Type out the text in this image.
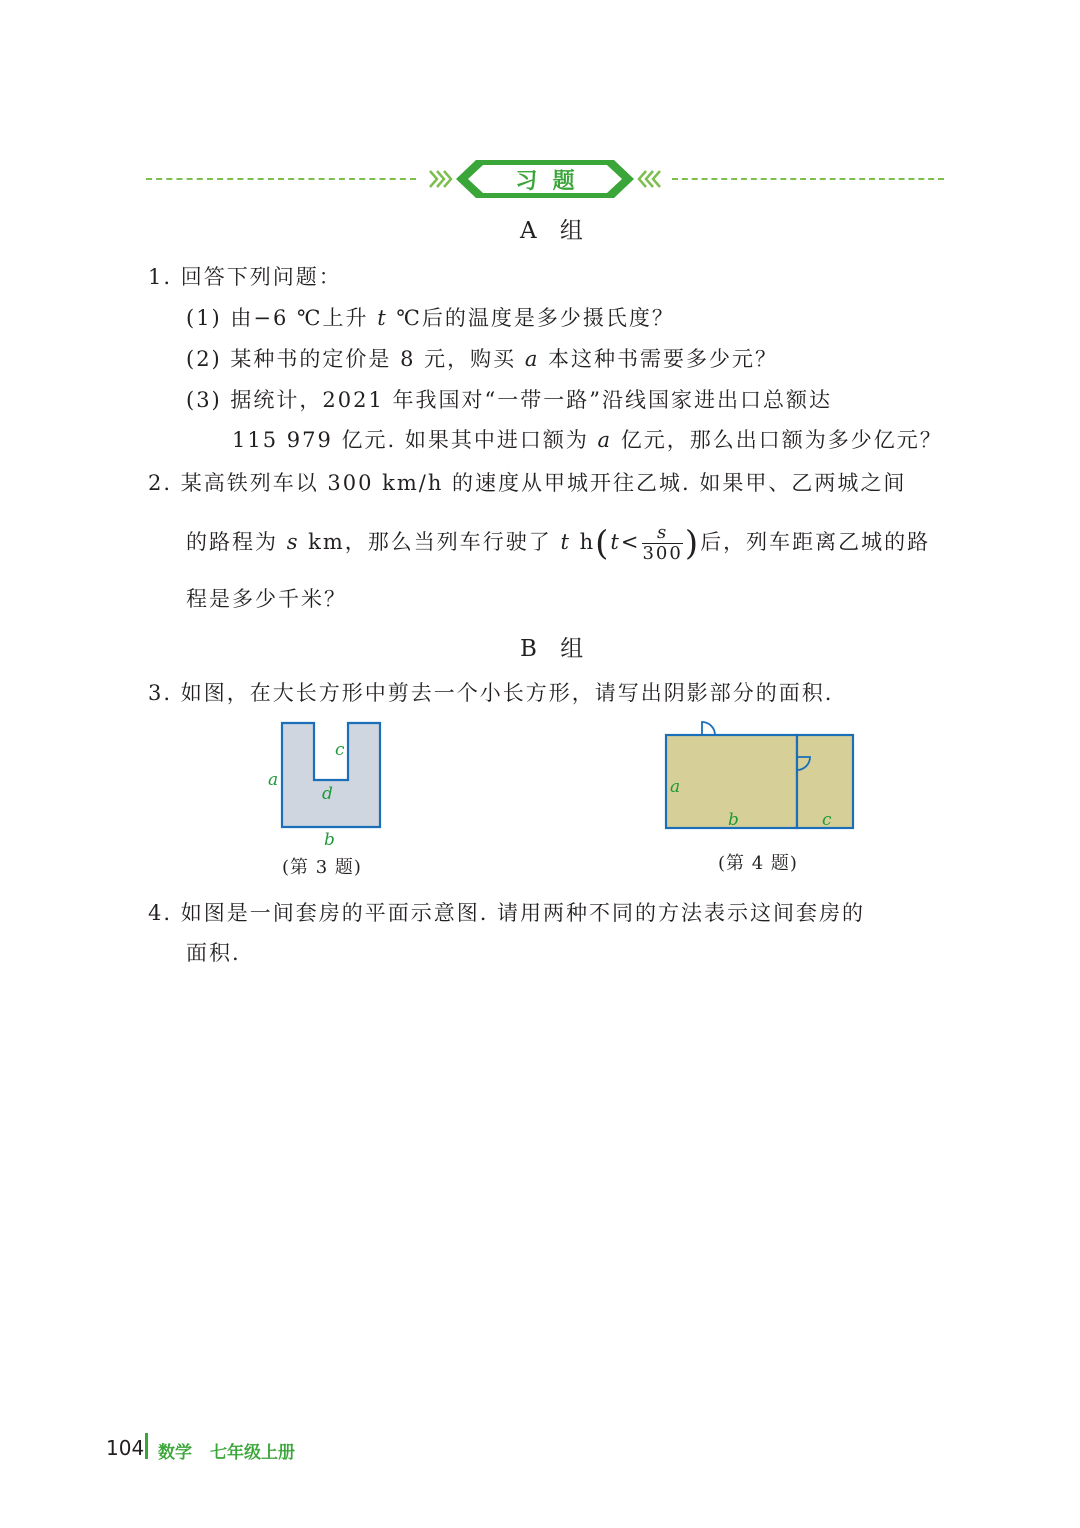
习  题
A 组
1. 回答下列问题：
(1) 由−6 ℃上升 t ℃后的温度是多少摄氏度？
(2) 某种书的定价是 8 元，购买 a 本这种书需要多少元？
(3) 据统计，2021 年我国对“一带一路”沿线国家进出口总额达
115 979 亿元. 如果其中进口额为 a 亿元，那么出口额为多少亿元？
2. 某高铁列车以 300 km/h 的速度从甲城开往乙城. 如果甲、乙两城之间
的路程为 s km，那么当列车行驶了 t $h(t< \frac{s}{300}$ )后，列车距离乙城的路
程是多少千米？
B 组
3. 如图，在大长方形中剪去一个小长方形，请写出阴影部分的面积.
a
c
d
b
(第 3 题)
a
b	c
(第 4 题)
4. 如图是一间套房的平面示意图. 请用两种不同的方法表示这间套房的
面积.
104 数学 七年级上册
